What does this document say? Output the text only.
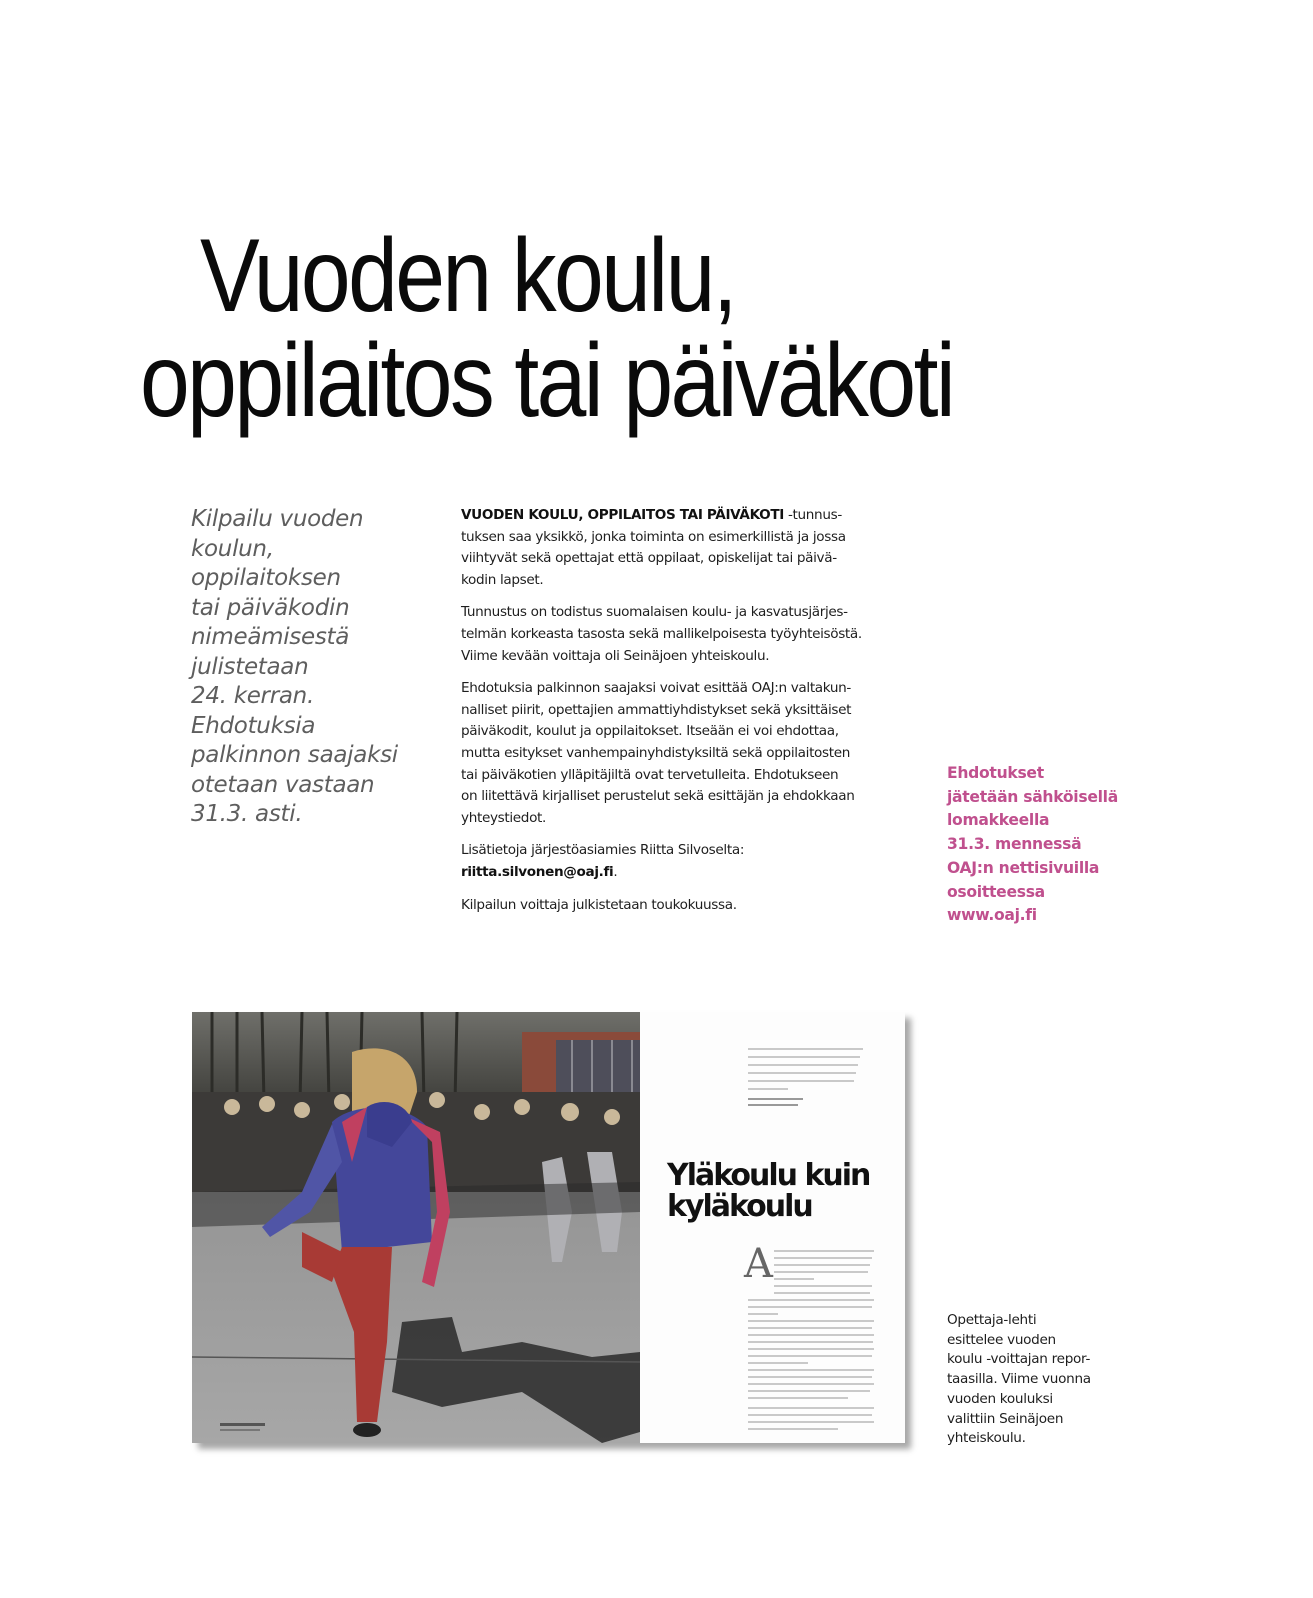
Vuoden koulu,
oppilaitos tai päiväkoti
Kilpailu vuoden
koulun,
oppilaitoksen
tai päiväkodin
nimeämisestä
julistetaan
24. kerran.
Ehdotuksia
palkinnon saajaksi
otetaan vastaan
31.3. asti.

VUODEN KOULU, OPPILAITOS TAI PÄIVÄKOTI -tunnus-
tuksen saa yksikkö, jonka toiminta on esimerkillistä ja jossa
viihtyvät sekä opettajat että oppilaat, opiskelijat tai päivä-
kodin lapset.

Tunnustus on todistus suomalaisen koulu- ja kasvatusjärjes-
telmän korkeasta tasosta sekä mallikelpoisesta työyhteisöstä.
Viime kevään voittaja oli Seinäjoen yhteiskoulu.

Ehdotuksia palkinnon saajaksi voivat esittää OAJ:n valtakun-
nalliset piirit, opettajien ammattiyhdistykset sekä yksittäiset
päiväkodit, koulut ja oppilaitokset. Itseään ei voi ehdottaa,
mutta esitykset vanhempainyhdistyksiltä sekä oppilaitosten
tai päiväkotien ylläpitäjiltä ovat tervetulleita. Ehdotukseen
on liitettävä kirjalliset perustelut sekä esittäjän ja ehdokkaan
yhteystiedot.

Lisätietoja järjestöasiamies Riitta Silvoselta:
riitta.silvonen@oaj.fi.

Kilpailun voittaja julkistetaan toukokuussa.

Ehdotukset
jätetään sähköisellä
lomakkeella
31.3. mennessä
OAJ:n nettisivuilla
osoitteessa
www.oaj.fi
Yläkoulu kuin
kyläkoulu
A
Opettaja-lehti
esittelee vuoden
koulu -voittajan repor-
taasilla. Viime vuonna
vuoden kouluksi
valittiin Seinäjoen
yhteiskoulu.
